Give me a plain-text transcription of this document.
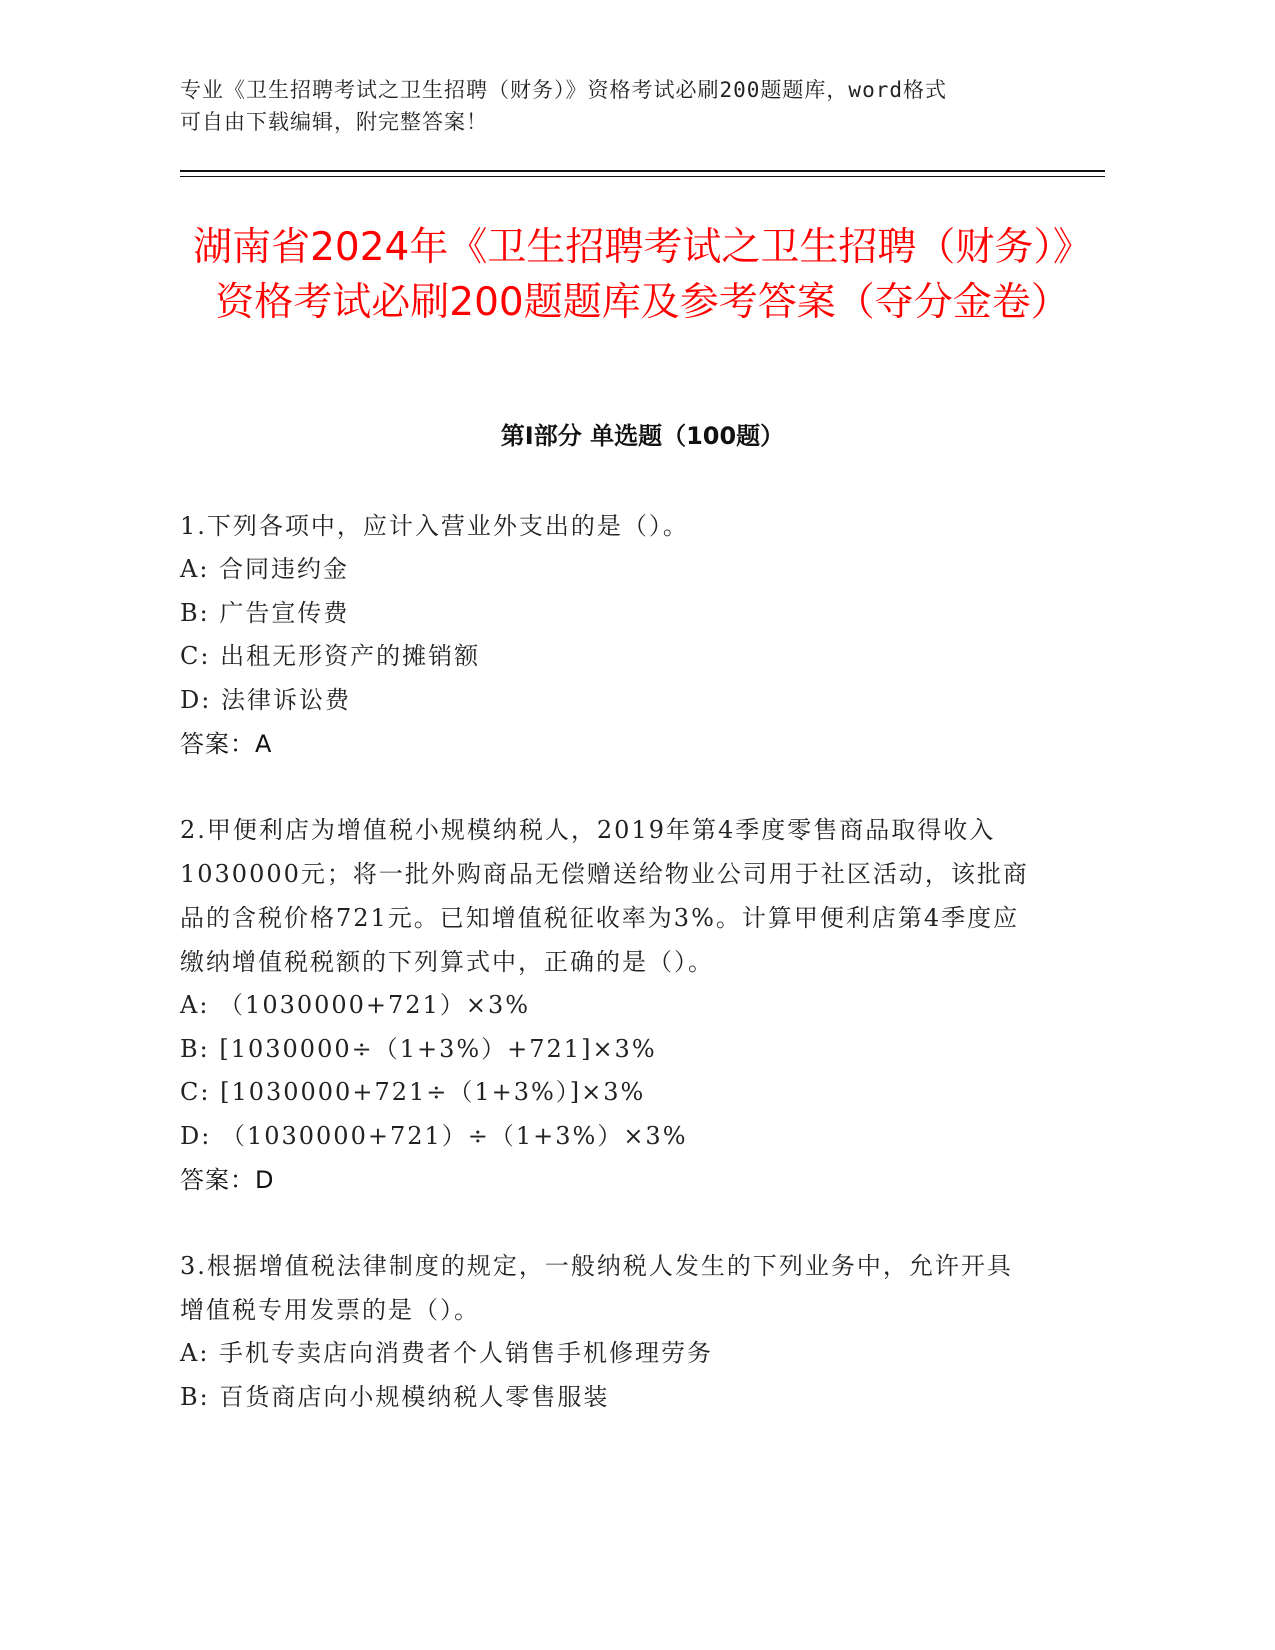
专业《卫生招聘考试之卫生招聘（财务）》资格考试必刷200题题库，word格式
可自由下载编辑，附完整答案！
湖南省2024年《卫生招聘考试之卫生招聘（财务）》资格考试必刷200题题库及参考答案（夺分金卷）
第I部分 单选题（100题）
1.下列各项中，应计入营业外支出的是（）。
A: 合同违约金
B: 广告宣传费
C: 出租无形资产的摊销额
D: 法律诉讼费
答案：A
2.甲便利店为增值税小规模纳税人，2019年第4季度零售商品取得收入1030000元；将一批外购商品无偿赠送给物业公司用于社区活动，该批商品的含税价格721元。已知增值税征收率为3%。计算甲便利店第4季度应缴纳增值税税额的下列算式中，正确的是（）。
A: （1030000+721）×3%
B: [1030000÷（1+3%）+721]×3%
C: [1030000+721÷（1+3%）]×3%
D: （1030000+721）÷（1+3%）×3%
答案：D
3.根据增值税法律制度的规定，一般纳税人发生的下列业务中，允许开具增值税专用发票的是（）。
A: 手机专卖店向消费者个人销售手机修理劳务
B: 百货商店向小规模纳税人零售服装
